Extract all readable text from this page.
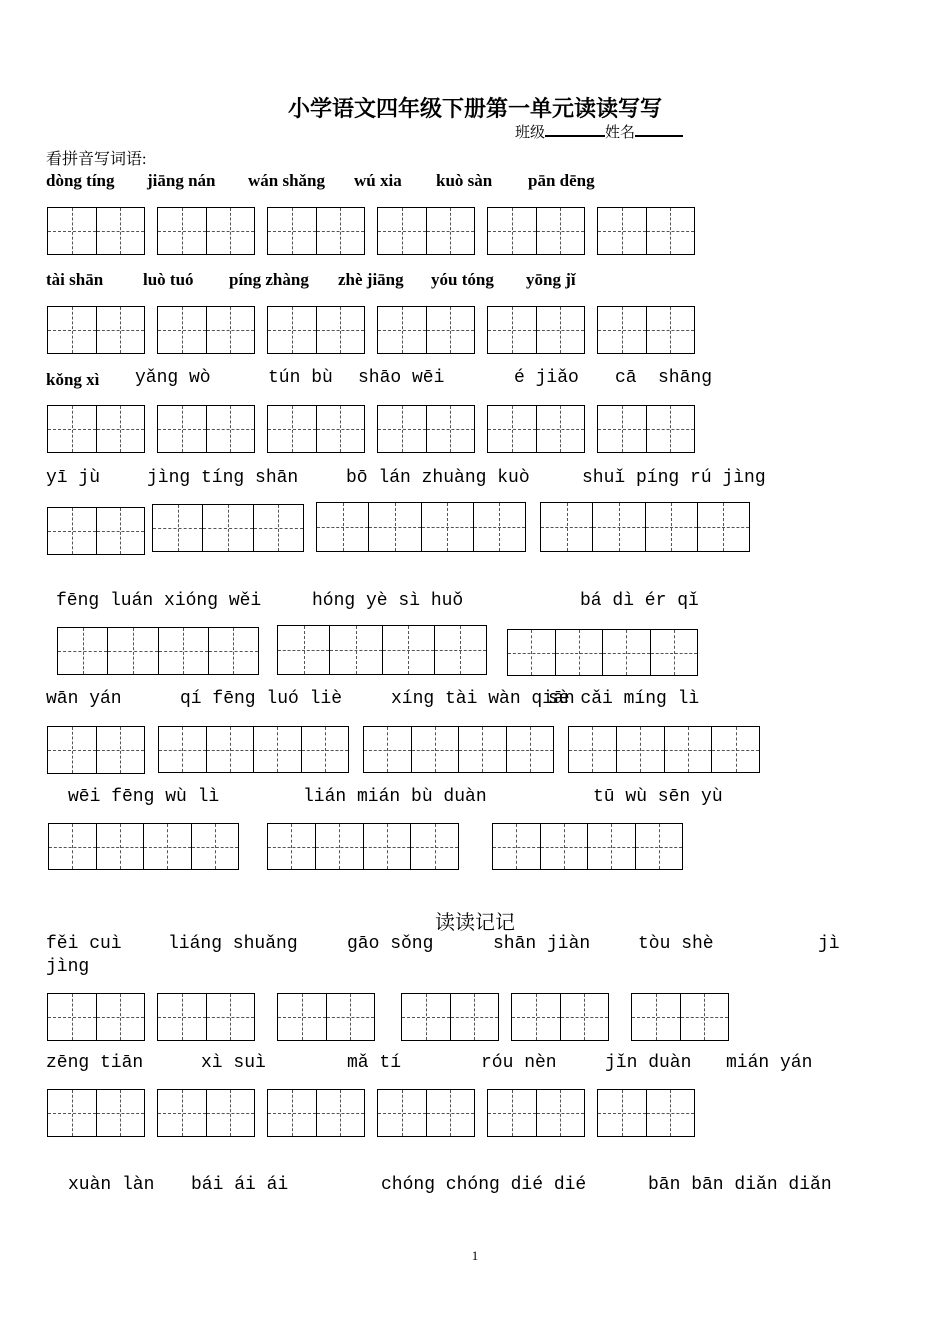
小学语文四年级下册第一单元读读写写
班级	姓名
看拼音写词语:
dòng tíng jiāng nán wán shǎng wú xia kuò sàn pān dēng
tài shān luò tuó píng zhàng zhè jiāng yóu tóng yōng jǐ
kǒng xì yǎng wò	tún bù shāo wēi	é jiǎo cā shāng
yī jù	jìng tíng shān	bō lán zhuàng kuò	shuǐ píng rú jìng
fēng luán xióng wěi	hóng yè sì huǒ	bá dì ér qǐ
wān yán	qí fēng luó liè	xíng tài wàn qiān
sè cǎi míng lì
wēi fēng wù lì	lián mián bù duàn	tū wù sēn yù
读读记记
fěi cuì	liáng shuǎng	gāo sǒng	shān jiàn	tòu shè	jì
jìng
zēng tiān	xì suì	mǎ tí	róu nèn	jǐn duàn mián yán
xuàn làn bái ái ái	chóng chóng dié dié	bān bān diǎn diǎn
1
